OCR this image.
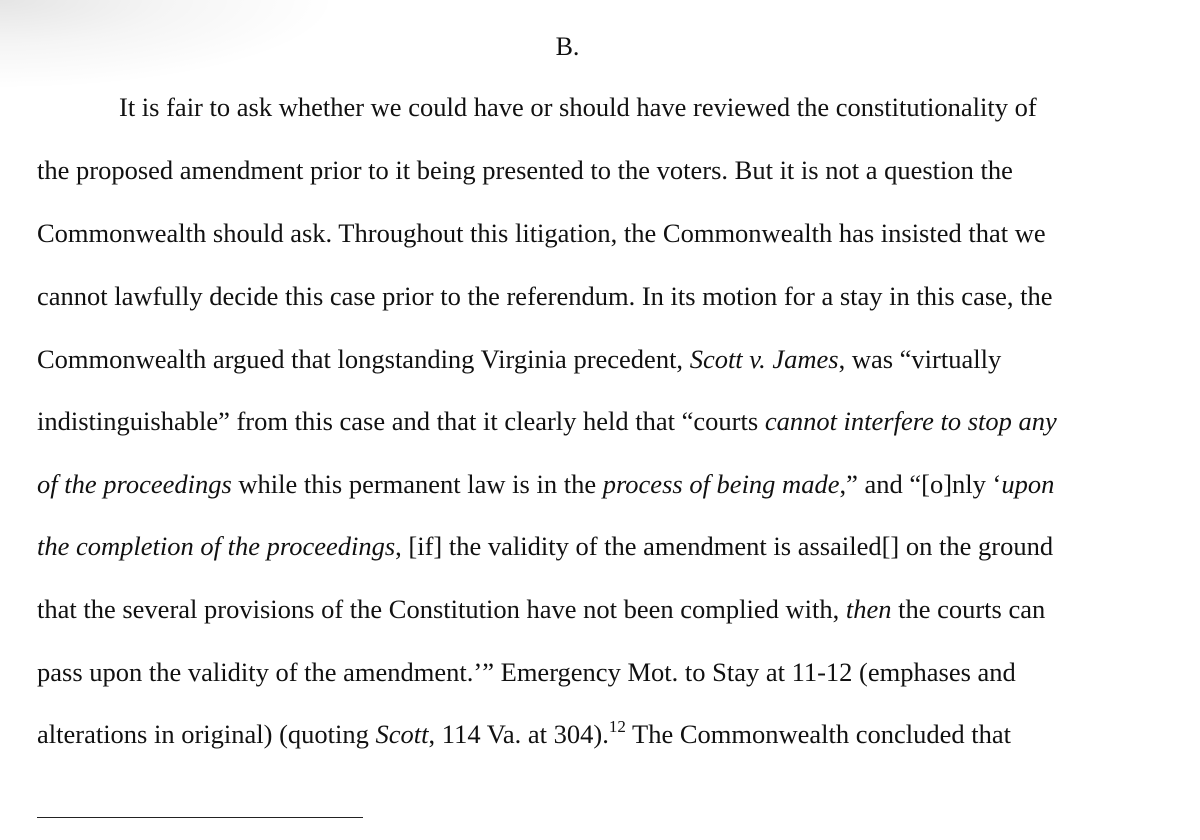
B.
It is fair to ask whether we could have or should have reviewed the constitutionality of
the proposed amendment prior to it being presented to the voters. But it is not a question the
Commonwealth should ask. Throughout this litigation, the Commonwealth has insisted that we
cannot lawfully decide this case prior to the referendum. In its motion for a stay in this case, the
Commonwealth argued that longstanding Virginia precedent, Scott v. James, was “virtually
indistinguishable” from this case and that it clearly held that “courts cannot interfere to stop any
of the proceedings while this permanent law is in the process of being made,” and “[o]nly ‘upon
the completion of the proceedings, [if] the validity of the amendment is assailed[] on the ground
that the several provisions of the Constitution have not been complied with, then the courts can
pass upon the validity of the amendment.’” Emergency Mot. to Stay at 11-12 (emphases and
alterations in original) (quoting Scott, 114 Va. at 304).$^{12}$ The Commonwealth concluded that
